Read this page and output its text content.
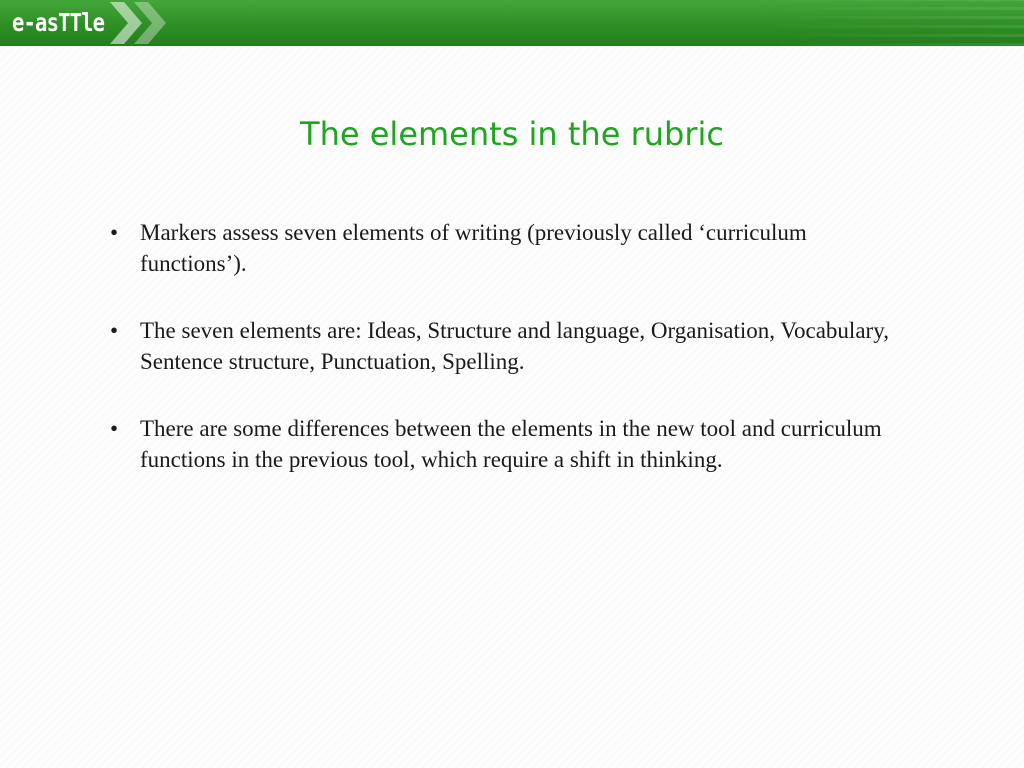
e-asTTle
The elements in the rubric
• Markers assess seven elements of writing (previously called ‘curriculum functions’).
• The seven elements are: Ideas, Structure and language, Organisation, Vocabulary, Sentence structure, Punctuation, Spelling.
• There are some differences between the elements in the new tool and curriculum functions in the previous tool, which require a shift in thinking.
